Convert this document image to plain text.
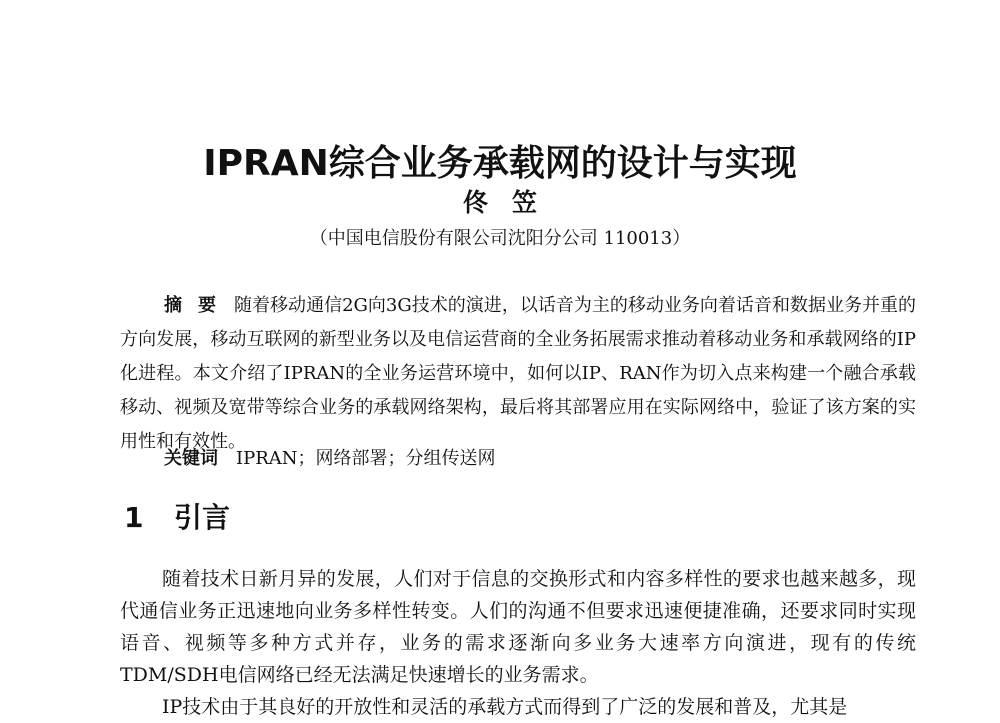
IPRAN综合业务承载网的设计与实现
佟笠
（中国电信股份有限公司沈阳分公司 110013）
摘要 随着移动通信2G向3G技术的演进，以话音为主的移动业务向着话音和数据业务并重的方向发展，移动互联网的新型业务以及电信运营商的全业务拓展需求推动着移动业务和承载网络的IP化进程。本文介绍了IPRAN的全业务运营环境中，如何以IP、RAN作为切入点来构建一个融合承载移动、视频及宽带等综合业务的承载网络架构，最后将其部署应用在实际网络中，验证了该方案的实用性和有效性。
关键词 IPRAN；网络部署；分组传送网
1 引言

随着技术日新月异的发展，人们对于信息的交换形式和内容多样性的要求也越来越多，现代通信业务正迅速地向业务多样性转变。人们的沟通不但要求迅速便捷准确，还要求同时实现语音、视频等多种方式并存，业务的需求逐渐向多业务大速率方向演进，现有的传统TDM/SDH电信网络已经无法满足快速增长的业务需求。

IP技术由于其良好的开放性和灵活的承载方式而得到了广泛的发展和普及，尤其是
